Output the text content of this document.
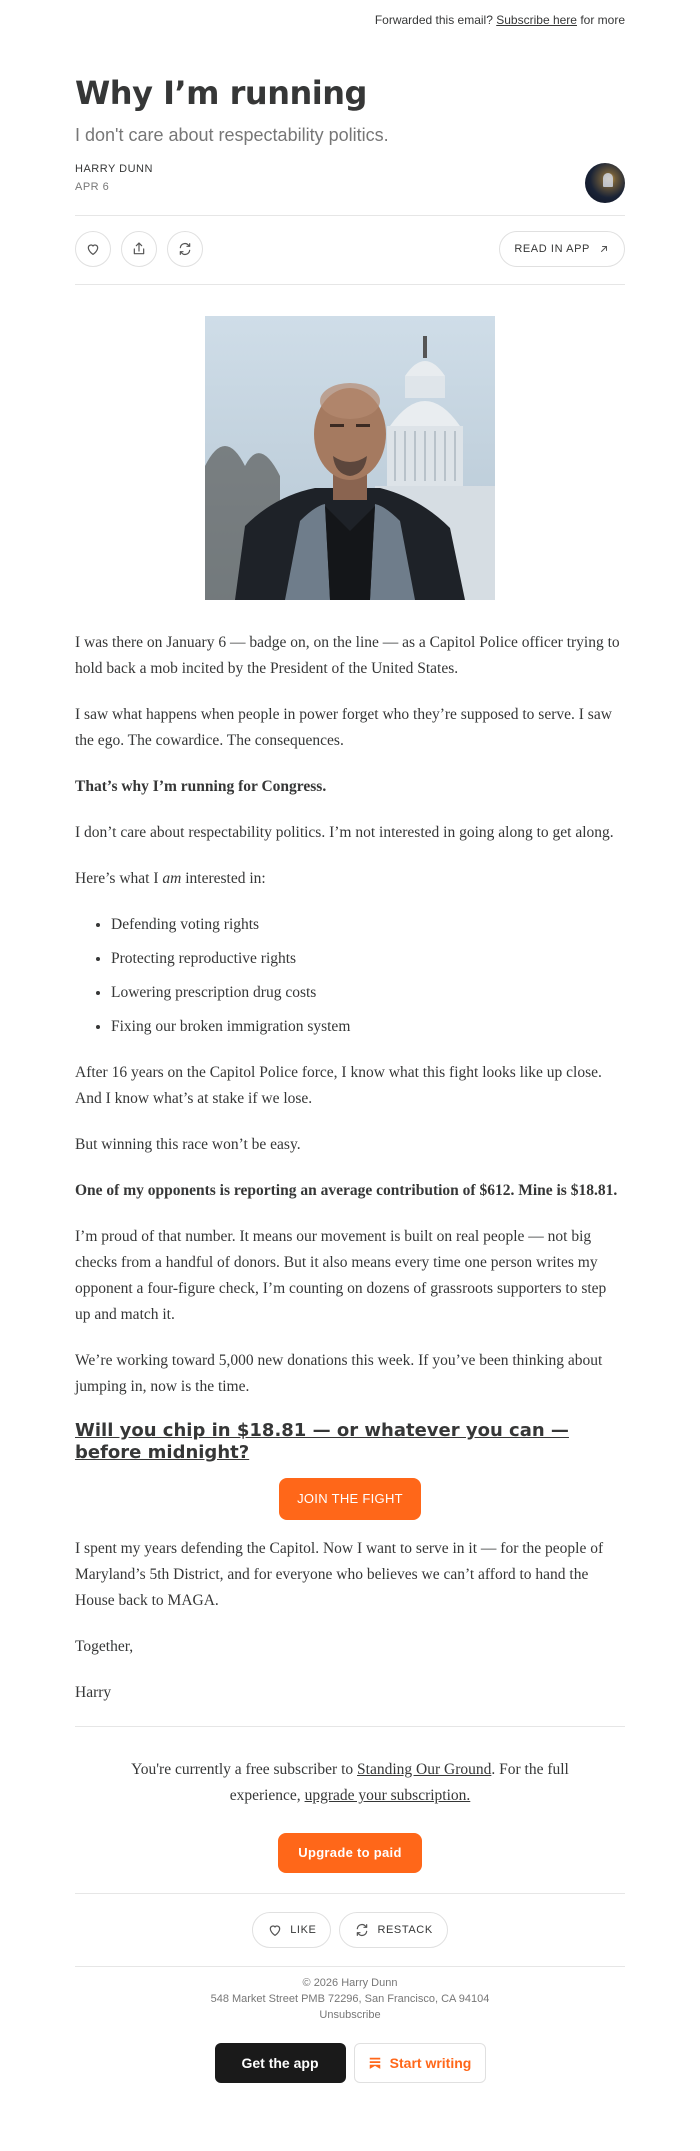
Forwarded this email? Subscribe here for more
Why I’m running
I don't care about respectability politics.
HARRY DUNN
APR 6
READ IN APP

I was there on January 6 — badge on, on the line — as a Capitol Police officer trying to hold back a mob incited by the President of the United States.

I saw what happens when people in power forget who they’re supposed to serve. I saw the ego. The cowardice. The consequences.

That’s why I’m running for Congress.

I don’t care about respectability politics. I’m not interested in going along to get along.

Here’s what I am interested in:

• Defending voting rights
• Protecting reproductive rights
• Lowering prescription drug costs
• Fixing our broken immigration system

After 16 years on the Capitol Police force, I know what this fight looks like up close. And I know what’s at stake if we lose.

But winning this race won’t be easy.

One of my opponents is reporting an average contribution of $612. Mine is $18.81.

I’m proud of that number. It means our movement is built on real people — not big checks from a handful of donors. But it also means every time one person writes my opponent a four-figure check, I’m counting on dozens of grassroots supporters to step up and match it.

We’re working toward 5,000 new donations this week. If you’ve been thinking about jumping in, now is the time.

Will you chip in $18.81 — or whatever you can — before midnight?
JOIN THE FIGHT

I spent my years defending the Capitol. Now I want to serve in it — for the people of Maryland’s 5th District, and for everyone who believes we can’t afford to hand the House back to MAGA.

Together,

Harry

You're currently a free subscriber to Standing Our Ground. For the full experience, upgrade your subscription.
Upgrade to paid
LIKE	RESTACK
© 2026 Harry Dunn
548 Market Street PMB 72296, San Francisco, CA 94104
Unsubscribe
Get the app	Start writing
